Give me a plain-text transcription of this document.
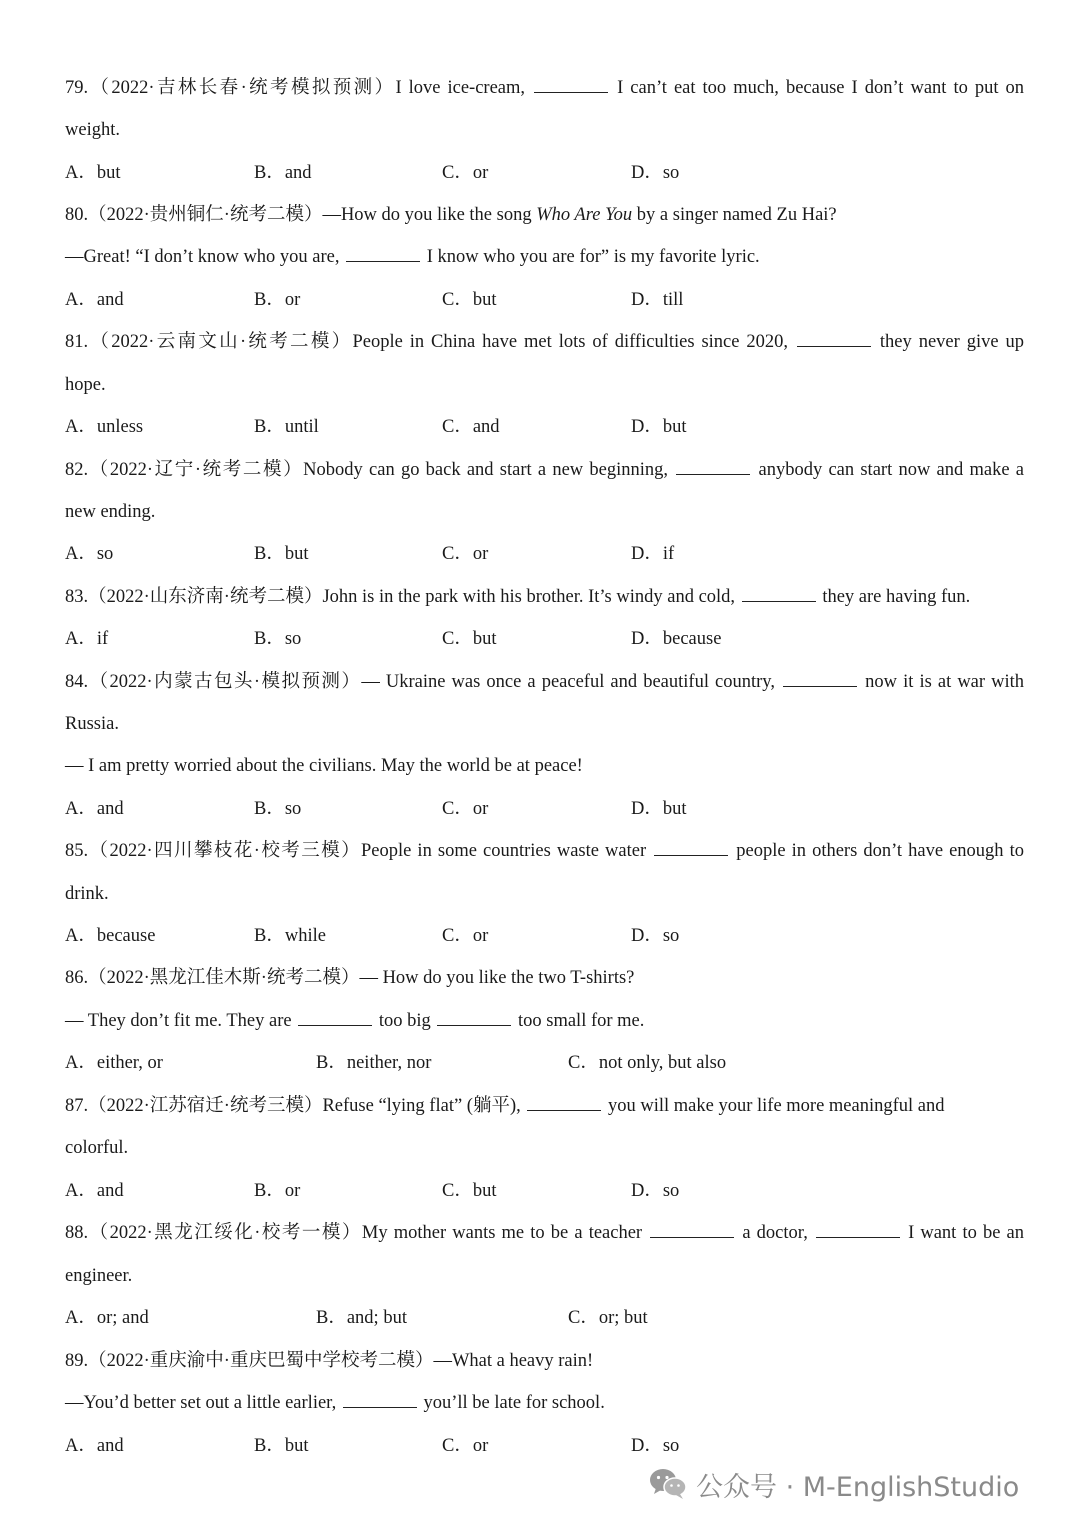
79.（2022·吉林长春·统考模拟预测）I love ice-cream,	I can’t eat too much, because I don’t want to put on
weight.
A．but	B．and	C．or	D．so
80.（2022·贵州铜仁·统考二模）—How do you like the song Who Are You by a singer named Zu Hai?
—Great! “I don’t know who you are,	I know who you are for” is my favorite lyric.
A．and	B．or	C．but	D．till
81.（2022·云南文山·统考二模）People in China have met lots of difficulties since 2020,	they never give up
hope.
A．unless	B．until	C．and	D．but
82.（2022·辽宁·统考二模）Nobody can go back and start a new beginning,	anybody can start now and make a
new ending.
A．so	B．but	C．or	D．if
83.（2022·山东济南·统考二模）John is in the park with his brother. It’s windy and cold,	they are having fun.
A．if	B．so	C．but	D．because
84.（2022·内蒙古包头·模拟预测）— Ukraine was once a peaceful and beautiful country,	now it is at war with
Russia.
— I am pretty worried about the civilians. May the world be at peace!
A．and	B．so	C．or	D．but
85.（2022·四川攀枝花·校考三模）People in some countries waste water	people in others don’t have enough to
drink.
A．because	B．while	C．or	D．so
86.（2022·黑龙江佳木斯·统考二模）— How do you like the two T-shirts?
— They don’t fit me. They are	too big	too small for me.
A．either, or	B．neither, nor	C．not only, but also
87.（2022·江苏宿迁·统考三模）Refuse “lying flat” (躺平),	you will make your life more meaningful and
colorful.
A．and	B．or	C．but	D．so
88.（2022·黑龙江绥化·校考一模）My mother wants me to be a teacher	a doctor,	I want to be an
engineer.
A．or; and	B．and; but	C．or; but
89.（2022·重庆渝中·重庆巴蜀中学校考二模）—What a heavy rain!
—You’d better set out a little earlier,	you’ll be late for school.
A．and	B．but	C．or	D．so
公众号 · M-EnglishStudio
